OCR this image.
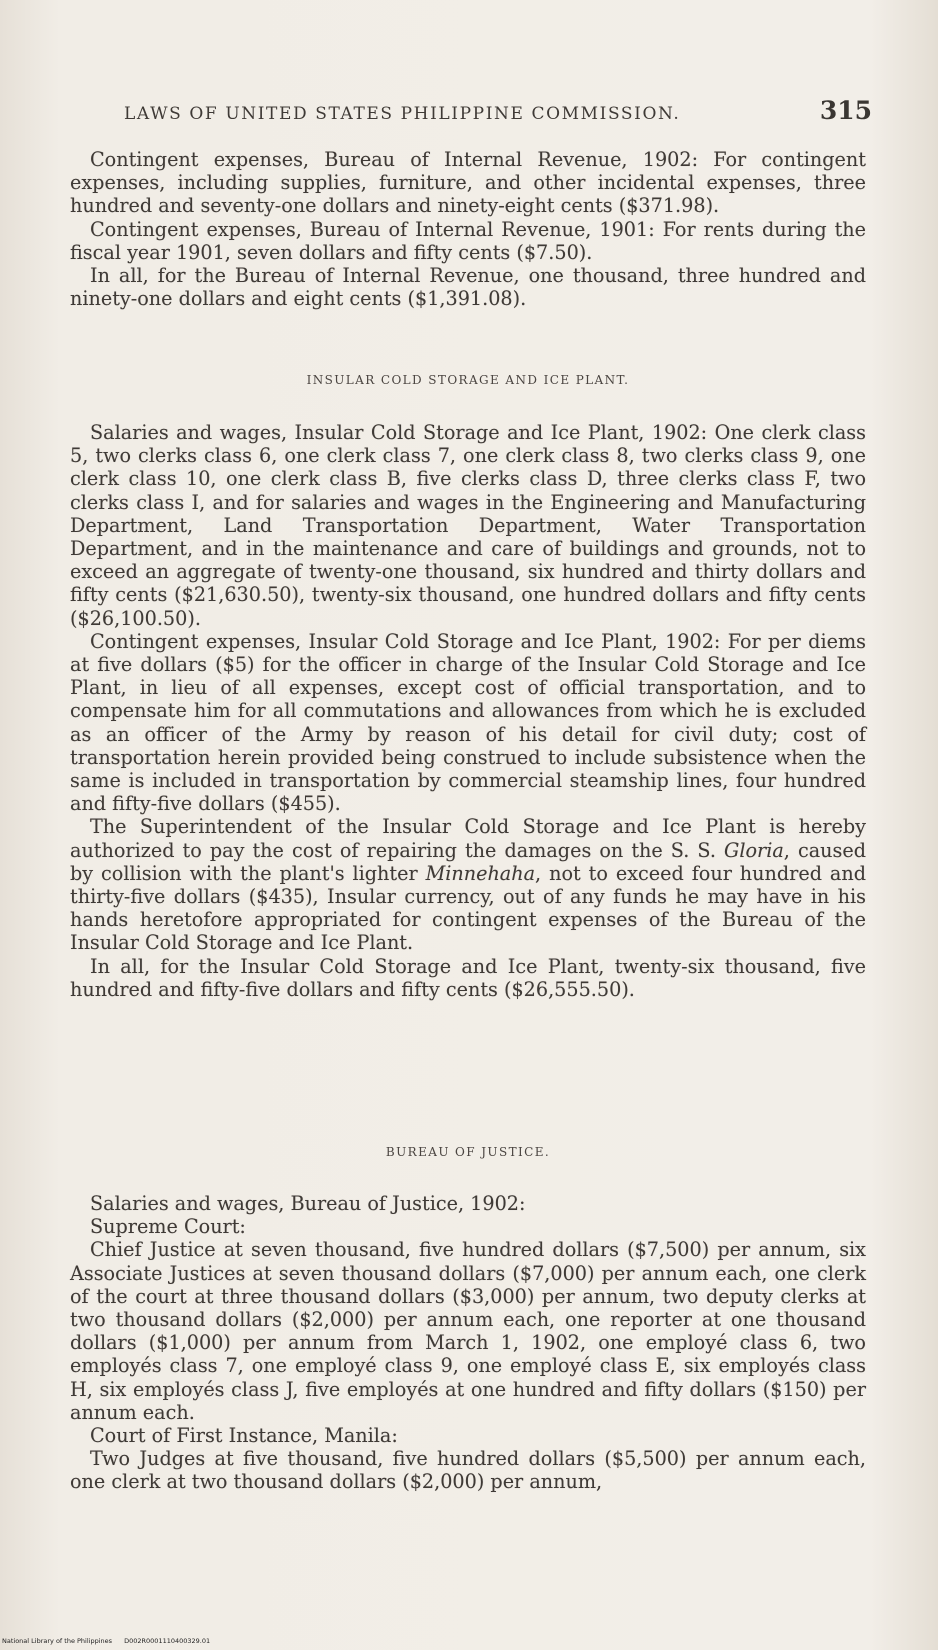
LAWS OF UNITED STATES PHILIPPINE COMMISSION.	315

Contingent expenses, Bureau of Internal Revenue, 1902: For contingent expenses, including supplies, furniture, and other incidental expenses, three hundred and seventy-one dollars and ninety-eight cents ($371.98).

Contingent expenses, Bureau of Internal Revenue, 1901: For rents during the fiscal year 1901, seven dollars and fifty cents ($7.50).

In all, for the Bureau of Internal Revenue, one thousand, three hundred and ninety-one dollars and eight cents ($1,391.08).

INSULAR COLD STORAGE AND ICE PLANT.

Salaries and wages, Insular Cold Storage and Ice Plant, 1902: One clerk class 5, two clerks class 6, one clerk class 7, one clerk class 8, two clerks class 9, one clerk class 10, one clerk class B, five clerks class D, three clerks class F, two clerks class I, and for salaries and wages in the Engineering and Manufacturing Department, Land Transportation Department, Water Transportation Department, and in the maintenance and care of buildings and grounds, not to exceed an aggregate of twenty-one thousand, six hundred and thirty dollars and fifty cents ($21,630.50), twenty-six thousand, one hundred dollars and fifty cents ($26,100.50).

Contingent expenses, Insular Cold Storage and Ice Plant, 1902: For per diems at five dollars ($5) for the officer in charge of the Insular Cold Storage and Ice Plant, in lieu of all expenses, except cost of official transportation, and to compensate him for all commutations and allowances from which he is excluded as an officer of the Army by reason of his detail for civil duty; cost of transportation herein provided being construed to include subsistence when the same is included in transportation by commercial steamship lines, four hundred and fifty-five dollars ($455).

The Superintendent of the Insular Cold Storage and Ice Plant is hereby authorized to pay the cost of repairing the damages on the S. S. Gloria, caused by collision with the plant's lighter Minnehaha, not to exceed four hundred and thirty-five dollars ($435), Insular currency, out of any funds he may have in his hands heretofore appropriated for contingent expenses of the Bureau of the Insular Cold Storage and Ice Plant.

In all, for the Insular Cold Storage and Ice Plant, twenty-six thousand, five hundred and fifty-five dollars and fifty cents ($26,555.50).

BUREAU OF JUSTICE.

Salaries and wages, Bureau of Justice, 1902:

Supreme Court:

Chief Justice at seven thousand, five hundred dollars ($7,500) per annum, six Associate Justices at seven thousand dollars ($7,000) per annum each, one clerk of the court at three thousand dollars ($3,000) per annum, two deputy clerks at two thousand dollars ($2,000) per annum each, one reporter at one thousand dollars ($1,000) per annum from March 1, 1902, one employé class 6, two employés class 7, one employé class 9, one employé class E, six employés class H, six employés class J, five employés at one hundred and fifty dollars ($150) per annum each.

Court of First Instance, Manila:

Two Judges at five thousand, five hundred dollars ($5,500) per annum each, one clerk at two thousand dollars ($2,000) per annum,

National Library of the Philippines D002R0001110400329.01
